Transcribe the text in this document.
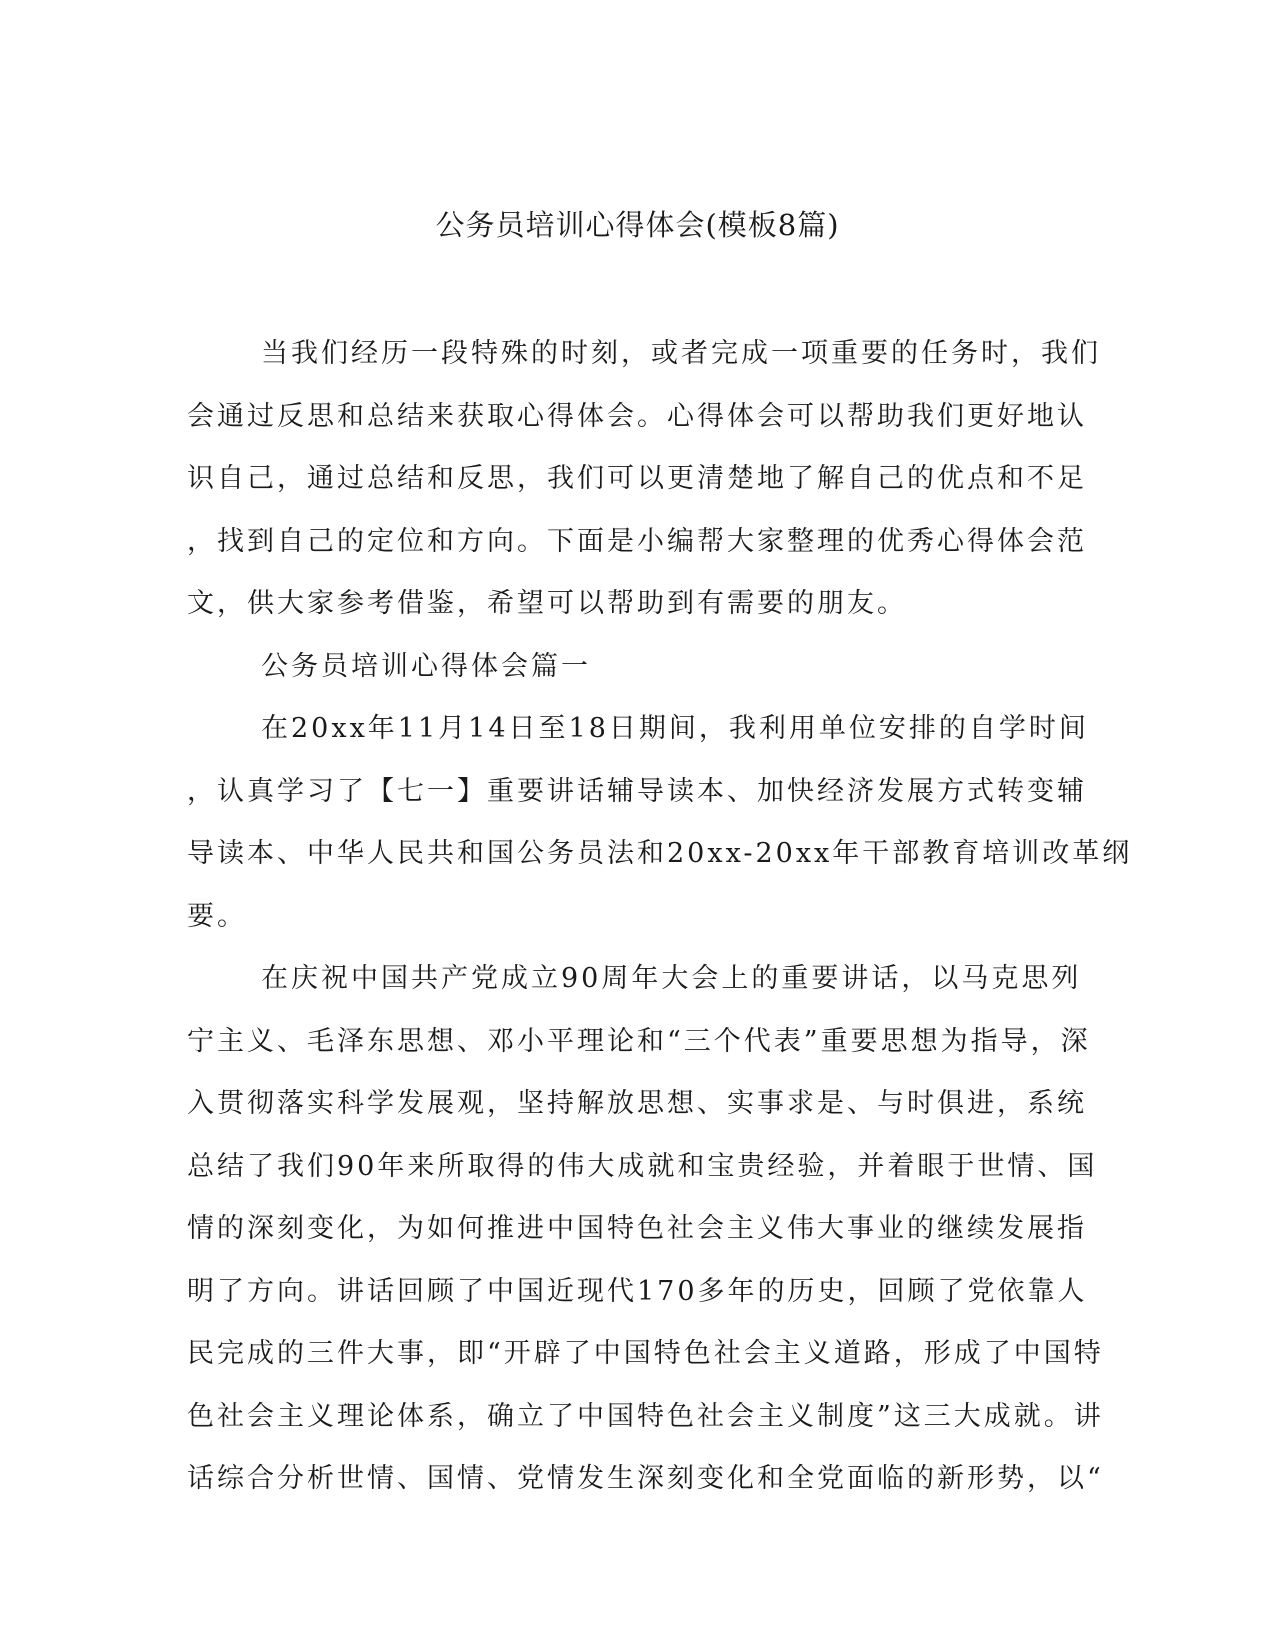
公务员培训心得体会(模板8篇)
当我们经历一段特殊的时刻，或者完成一项重要的任务时，我们
会通过反思和总结来获取心得体会。心得体会可以帮助我们更好地认
识自己，通过总结和反思，我们可以更清楚地了解自己的优点和不足
，找到自己的定位和方向。下面是小编帮大家整理的优秀心得体会范
文，供大家参考借鉴，希望可以帮助到有需要的朋友。
公务员培训心得体会篇一
在20xx年11月14日至18日期间，我利用单位安排的自学时间
，认真学习了【七一】重要讲话辅导读本、加快经济发展方式转变辅
导读本、中华人民共和国公务员法和20xx-20xx年干部教育培训改革纲
要。
在庆祝中国共产党成立90周年大会上的重要讲话，以马克思列
宁主义、毛泽东思想、邓小平理论和“三个代表”重要思想为指导，深
入贯彻落实科学发展观，坚持解放思想、实事求是、与时俱进，系统
总结了我们90年来所取得的伟大成就和宝贵经验，并着眼于世情、国
情的深刻变化，为如何推进中国特色社会主义伟大事业的继续发展指
明了方向。讲话回顾了中国近现代170多年的历史，回顾了党依靠人
民完成的三件大事，即“开辟了中国特色社会主义道路，形成了中国特
色社会主义理论体系，确立了中国特色社会主义制度”这三大成就。讲
话综合分析世情、国情、党情发生深刻变化和全党面临的新形势，以“
